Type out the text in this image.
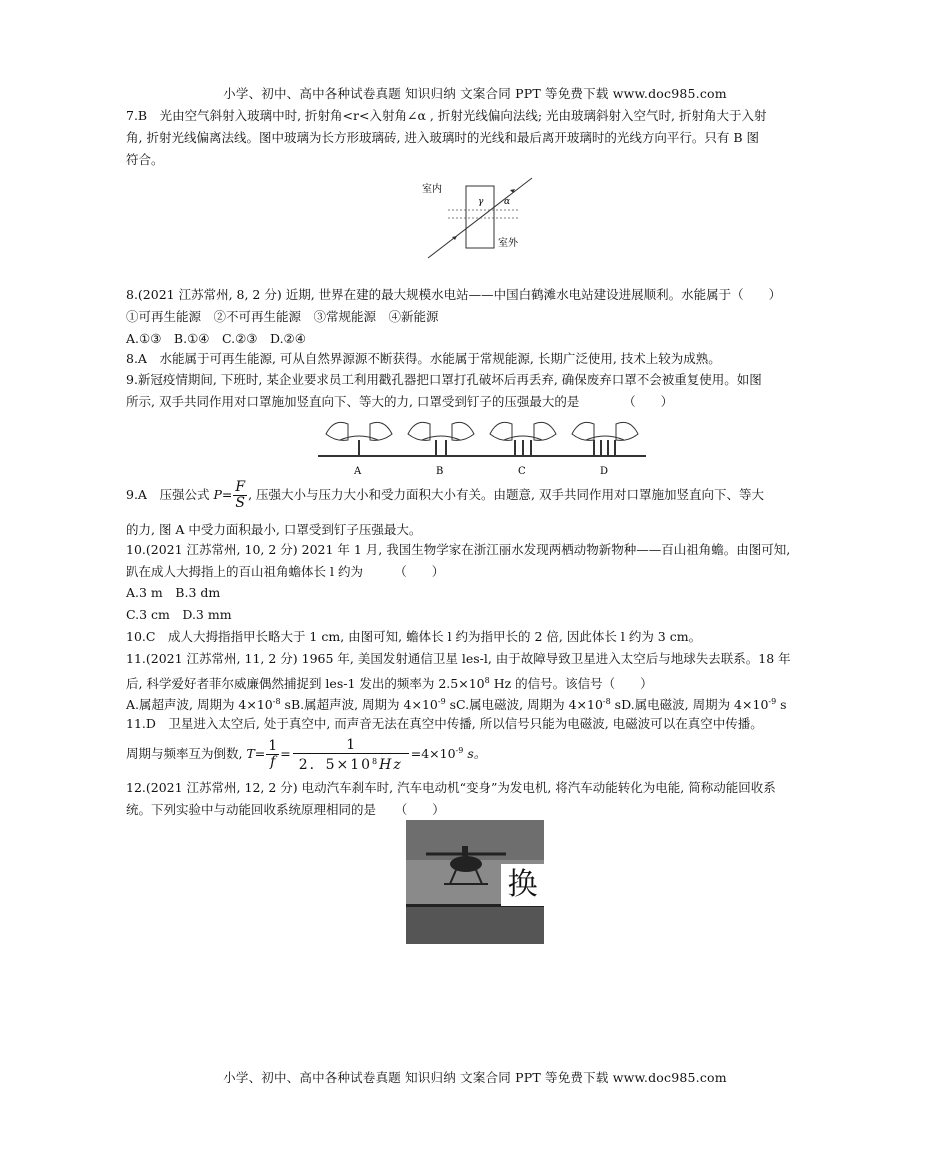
小学、初中、高中各种试卷真题 知识归纳 文案合同 PPT 等免费下载 www.doc985.com
7.B　光由空气斜射入玻璃中时, 折射角<r<入射角∠α , 折射光线偏向法线; 光由玻璃斜射入空气时, 折射角大于入射
角, 折射光线偏离法线。图中玻璃为长方形玻璃砖, 进入玻璃时的光线和最后离开玻璃时的光线方向平行。只有 B 图
符合。
室内
室外
γ α
8.(2021 江苏常州, 8, 2 分) 近期, 世界在建的最大规模水电站——中国白鹤滩水电站建设进展顺利。水能属于（　　）
①可再生能源　②不可再生能源　③常规能源　④新能源
A.①③　B.①④　C.②③　D.②④
8.A　水能属于可再生能源, 可从自然界源源不断获得。水能属于常规能源, 长期广泛使用, 技术上较为成熟。
9.新冠疫情期间, 下班时, 某企业要求员工利用戳孔器把口罩打孔破坏后再丢弃, 确保废弃口罩不会被重复使用。如图
所示, 双手共同作用对口罩施加竖直向下、等大的力, 口罩受到钉子的压强最大的是　　　　（　　）
A	B	C	D
9.A　压强公式 $P= \frac{F}{S}$ , 压强大小与压力大小和受力面积大小有关。由题意, 双手共同作用对口罩施加竖直向下、等大
的力, 图 A 中受力面积最小, 口罩受到钉子压强最大。
10.(2021 江苏常州, 10, 2 分) 2021 年 1 月, 我国生物学家在浙江丽水发现两栖动物新物种——百山祖角蟾。由图可知,
趴在成人大拇指上的百山祖角蟾体长 l 约为　　　（　　）
A.3 m　B.3 dm
C.3 cm　D.3 mm
10.C　成人大拇指指甲长略大于 1 cm, 由图可知, 蟾体长 l 约为指甲长的 2 倍, 因此体长 l 约为 3 cm。
11.(2021 江苏常州, 11, 2 分) 1965 年, 美国发射通信卫星 les-l, 由于故障导致卫星进入太空后与地球失去联系。18 年
后, 科学爱好者菲尔威廉偶然捕捉到 les-1 发出的频率为 $2.5\times 10^8$ Hz 的信号。该信号（　　）
A.属超声波, 周期为 $4\times 10^{-8}$ sB.属超声波, 周期为 $4\times 10^{-9}$ sC.属电磁波, 周期为 $4\times 10^{-8}$ sD.属电磁波, 周期为 $4\times 10^{-9}$ s
11.D　卫星进入太空后, 处于真空中, 而声音无法在真空中传播, 所以信号只能为电磁波, 电磁波可以在真空中传播。
周期与频率互为倒数, $T= \frac{1}{f} = \frac{1}{2.5\times 10^8Hz} =4\times 10^{-9}$ s。
12.(2021 江苏常州, 12, 2 分) 电动汽车刹车时, 汽车电动机“变身”为发电机, 将汽车动能转化为电能, 简称动能回收系
统。下列实验中与动能回收系统原理相同的是　　（　　）
换
小学、初中、高中各种试卷真题 知识归纳 文案合同 PPT 等免费下载 www.doc985.com
